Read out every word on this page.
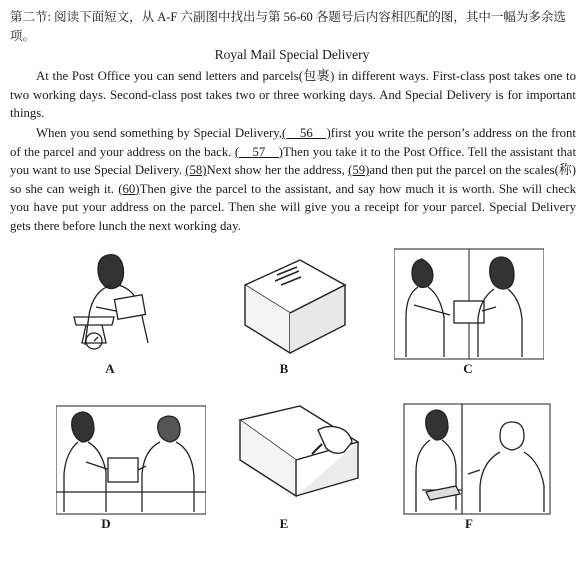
第二节: 阅读下面短文，从 A-F 六副图中找出与第 56-60 各题号后内容相匹配的图，其中一幅为多余选项。
Royal Mail Special Delivery

At the Post Office you can send letters and parcels(包裹) in different ways. First-class post takes one to two working days. Second-class post takes two or three working days. And Special Delivery is for important things.

When you send something by Special Delivery,(　56　)first you write the person’s address on the front of the parcel and your address on the back. (　57　)Then you take it to the Post Office. Tell the assistant that you want to use Special Delivery. (58)Next show her the address, (59)and then put the parcel on the scales(称) so she can weigh it. (60)Then give the parcel to the assistant, and say how much it is worth. She will check you have put your address on the parcel. Then she will give you a receipt for your parcel. Special Delivery gets there before lunch the next working day.

A	B	C
D	E	F
